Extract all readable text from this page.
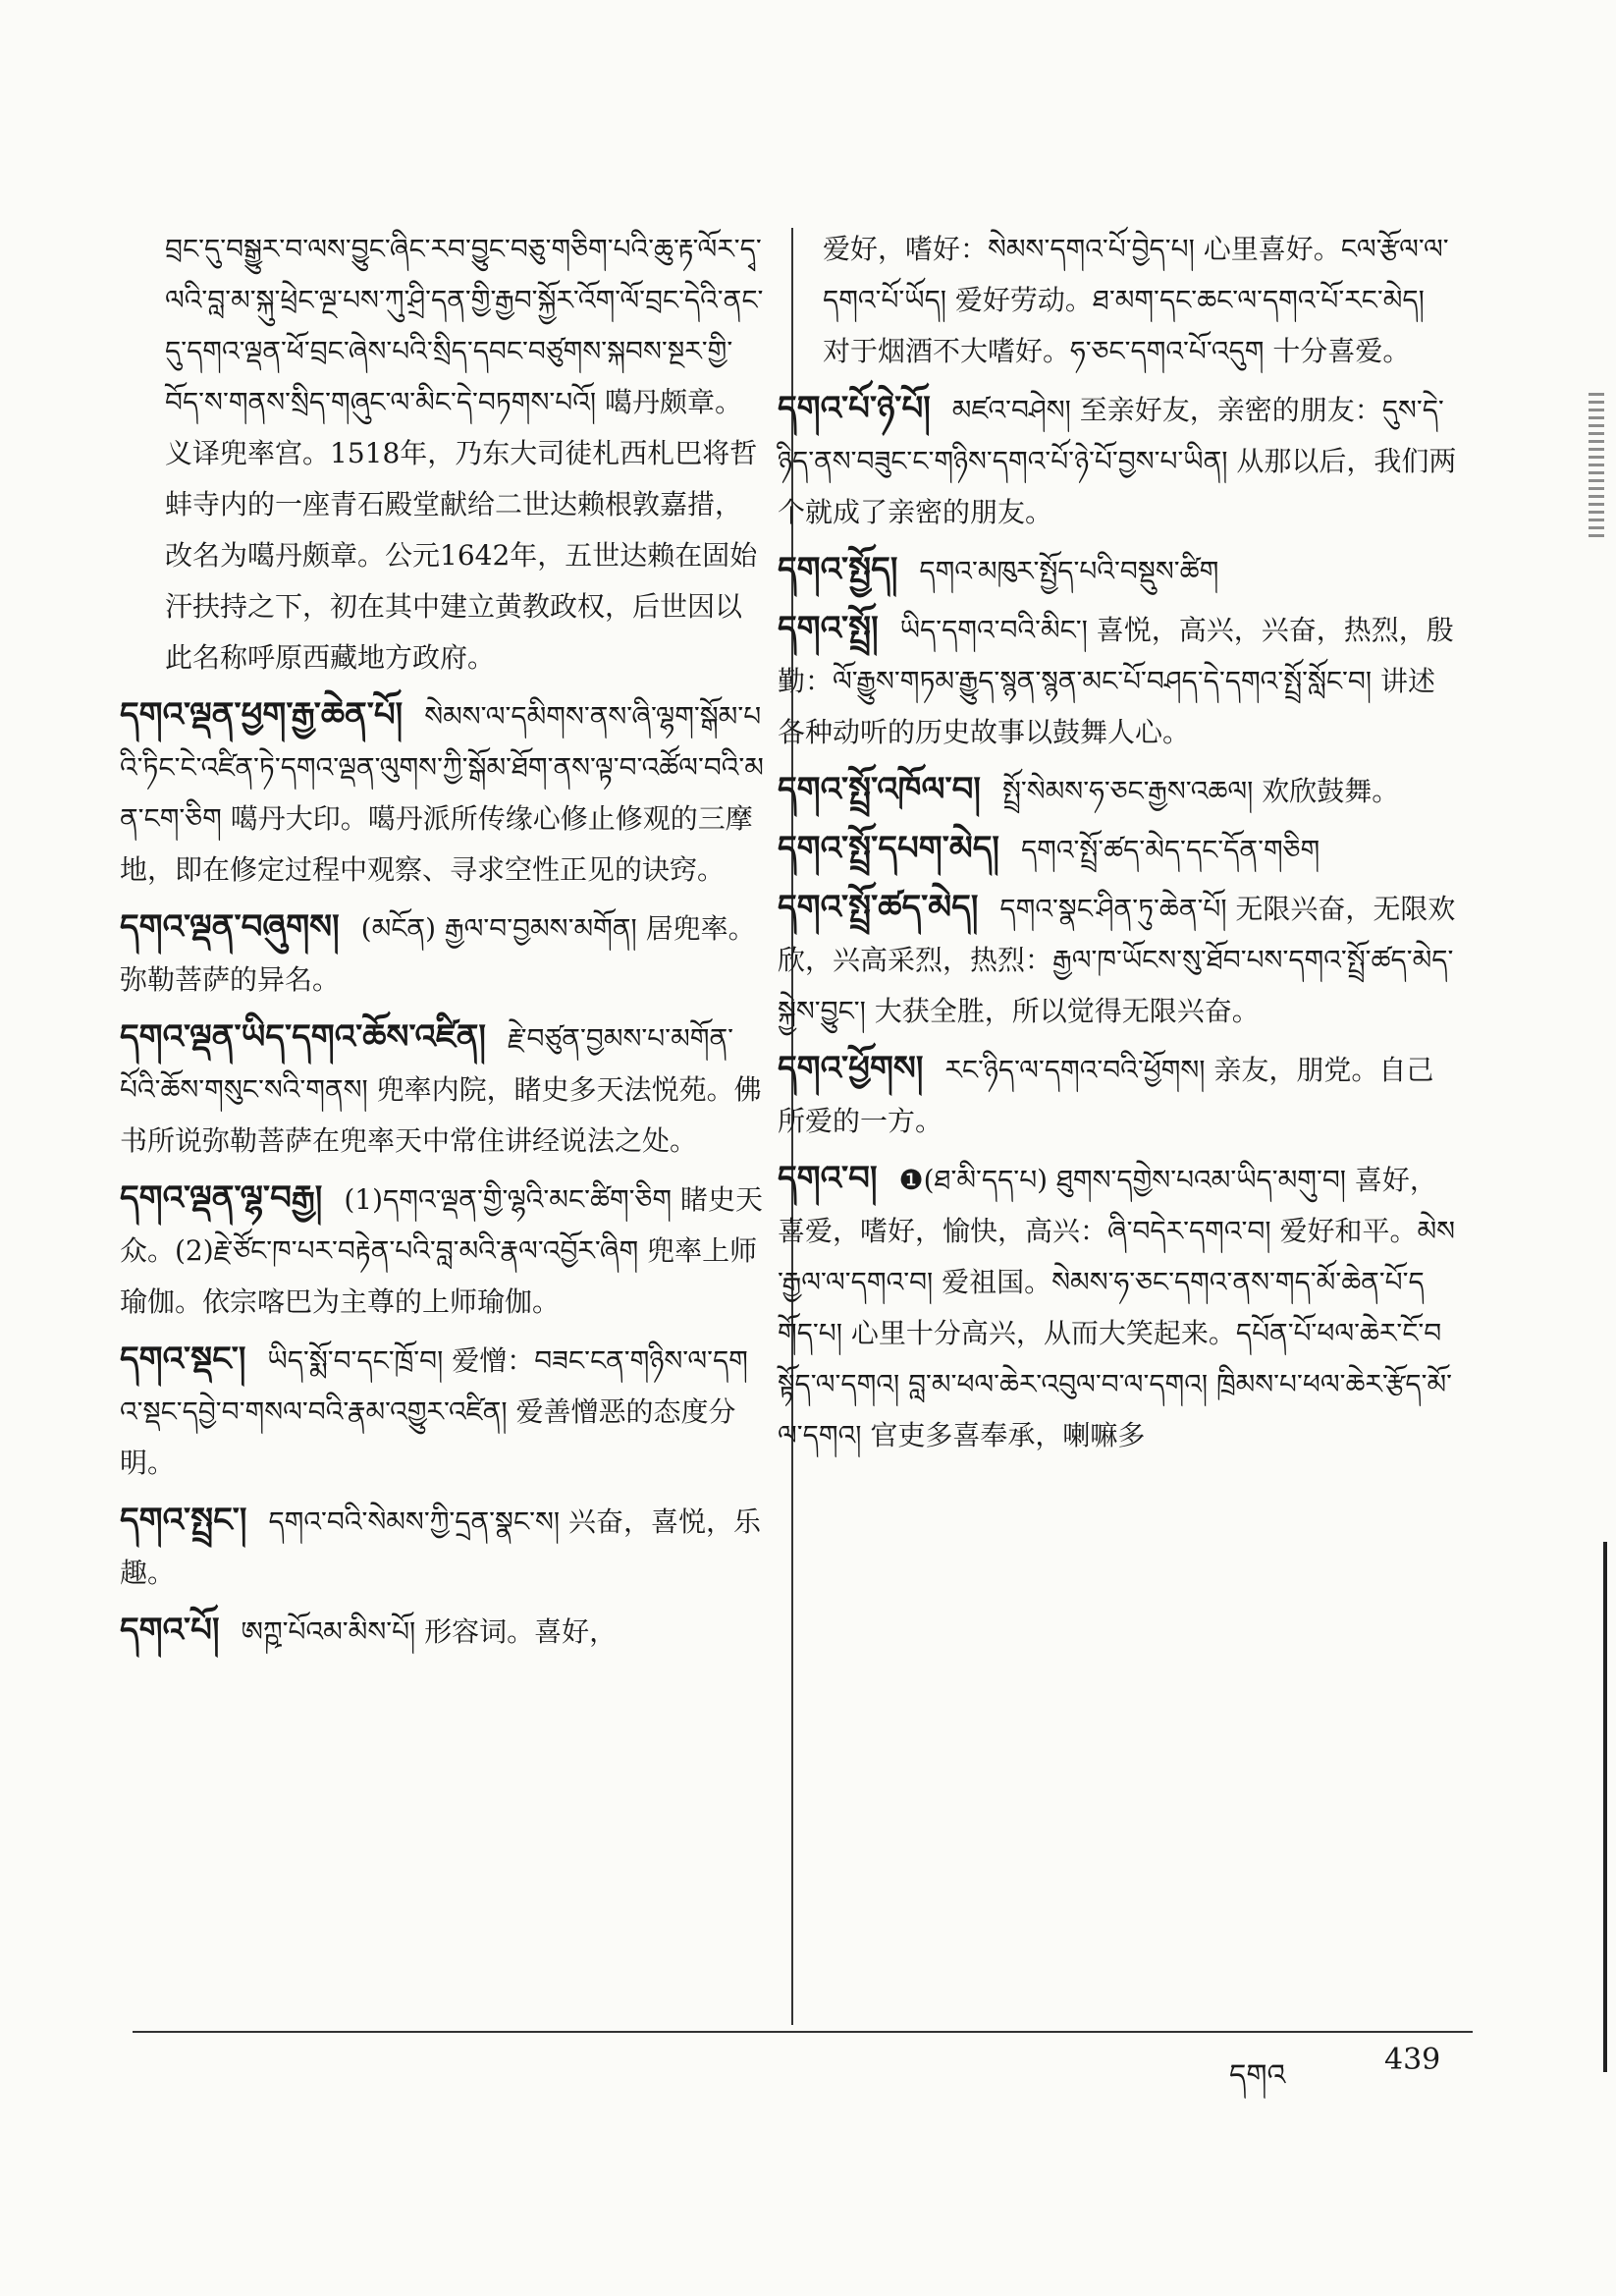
བྲང་དུ་བསྒྱུར་བ་ལས་བྱུང་ཞིང་རབ་བྱུང་བཅུ་གཅིག་པའི་ཆུ་རྟ་ལོར་དྭ་ལའི་བླ་མ་སྐུ་ཕྲེང་ལྔ་པས་ཀུ་ཤྲི་དན་གྱི་རྒྱབ་སྐྱོར་འོག་ལོ་བྲང་དེའི་ནང་དུ་དགའ་ལྡན་ཕོ་བྲང་ཞེས་པའི་སྲིད་དབང་བཙུགས་སྐབས་སྔར་གྱི་བོད་ས་གནས་སྲིད་གཞུང་ལ་མིང་དེ་བཏགས་པའོ། 噶丹颇章。义译兜率宫。1518年，乃东大司徒札西札巴将哲蚌寺内的一座青石殿堂献给二世达赖根敦嘉措，改名为噶丹颇章。公元1642年，五世达赖在固始汗扶持之下，初在其中建立黄教政权，后世因以此名称呼原西藏地方政府。

དགའ་ལྡན་ཕྱག་རྒྱ་ཆེན་པོ། སེམས་ལ་དམིགས་ནས་ཞི་ལྷག་སྒོམ་པའི་ཏིང་ངེ་འཛིན་ཏེ་དགའ་ལྡན་ལུགས་ཀྱི་སྒོམ་ཐོག་ནས་ལྟ་བ་འཚོལ་བའི་མན་ངག་ཅིག 噶丹大印。噶丹派所传缘心修止修观的三摩地，即在修定过程中观察、寻求空性正见的诀窍。

དགའ་ལྡན་བཞུགས། (མངོན) རྒྱལ་བ་བྱམས་མགོན། 居兜率。弥勒菩萨的异名。

དགའ་ལྡན་ཡིད་དགའ་ཆོས་འཛིན། རྗེ་བཙུན་བྱམས་པ་མགོན་པོའི་ཆོས་གསུང་སའི་གནས། 兜率内院，睹史多天法悦苑。佛书所说弥勒菩萨在兜率天中常住讲经说法之处。

དགའ་ལྡན་ལྷ་བརྒྱ། (1)དགའ་ལྡན་གྱི་ལྷའི་མང་ཚིག་ཅིག 睹史天众。(2)རྗེ་ཙོང་ཁ་པར་བརྟེན་པའི་བླ་མའི་རྣལ་འབྱོར་ཞིག 兜率上师瑜伽。依宗喀巴为主尊的上师瑜伽。

དགའ་སྡང་། ཡིད་སྨོ་བ་དང་ཁྲོ་བ། 爱憎：བཟང་ངན་གཉིས་ལ་དགའ་སྡང་དབྱེ་བ་གསལ་བའི་རྣམ་འགྱུར་འཛིན། 爱善憎恶的态度分明。

དགའ་སྤྲང་། དགའ་བའི་སེམས་ཀྱི་དྲན་སྣང་ས། 兴奋，喜悦，乐趣。

དགའ་པོ། ཨཀྵ་པོའམ་མིས་པོ། 形容词。喜好，

爱好，嗜好：སེམས་དགའ་པོ་བྱེད་པ། 心里喜好。ངལ་རྩོལ་ལ་དགའ་པོ་ཡོད། 爱好劳动。ཐ་མག་དང་ཆང་ལ་དགའ་པོ་རང་མེད། 对于烟酒不大嗜好。ཧ་ཅང་དགའ་པོ་འདུག 十分喜爱。

དགའ་པོ་ཉེ་པོ། མཛའ་བཤེས། 至亲好友，亲密的朋友：དུས་དེ་ཉིད་ནས་བཟུང་ང་གཉིས་དགའ་པོ་ཉེ་པོ་བྱས་པ་ཡིན། 从那以后，我们两个就成了亲密的朋友。

དགའ་སྤྱོད། དགའ་མཁུར་སྤྱོད་པའི་བསྡུས་ཚིག

དགའ་སྤྲོ། ཡིད་དགའ་བའི་མིང་། 喜悦，高兴，兴奋，热烈，殷勤：ལོ་རྒྱུས་གཏམ་རྒྱུད་སྙན་སྙན་མང་པོ་བཤད་དེ་དགའ་སྤྲོ་སློང་བ། 讲述各种动听的历史故事以鼓舞人心。

དགའ་སྤྲོ་འཁོལ་བ། སྤྲོ་སེམས་ཧ་ཅང་རྒྱས་འཆལ། 欢欣鼓舞。

དགའ་སྤྲོ་དཔག་མེད། དགའ་སྤྲོ་ཚད་མེད་དང་དོན་གཅིག

དགའ་སྤྲོ་ཚད་མེད། དགའ་སྣང་ཤིན་ཏུ་ཆེན་པོ། 无限兴奋，无限欢欣，兴高采烈，热烈：རྒྱལ་ཁ་ཡོངས་སུ་ཐོབ་པས་དགའ་སྤྲོ་ཚད་མེད་སྐྱེས་བྱུང་། 大获全胜，所以觉得无限兴奋。

དགའ་ཕྱོགས། རང་ཉིད་ལ་དགའ་བའི་ཕྱོགས། 亲友，朋党。自己所爱的一方。

དགའ་བ། ❶(ཐ་མི་དད་པ) ཐུགས་དགྱེས་པའམ་ཡིད་མགུ་བ། 喜好，喜爱，嗜好，愉快，高兴：ཞི་བདེར་དགའ་བ། 爱好和平。མེས་རྒྱལ་ལ་དགའ་བ། 爱祖国。སེམས་ཧ་ཅང་དགའ་ནས་གད་མོ་ཆེན་པོ་དགོད་པ། 心里十分高兴，从而大笑起来。དཔོན་པོ་ཕལ་ཆེར་ངོ་བསྟོད་ལ་དགའ། བླ་མ་ཕལ་ཆེར་འབུལ་བ་ལ་དགའ། ཁྲིམས་པ་ཕལ་ཆེར་རྩོད་མོ་ལ་དགའ། 官吏多喜奉承，喇嘛多

དགའ	439
